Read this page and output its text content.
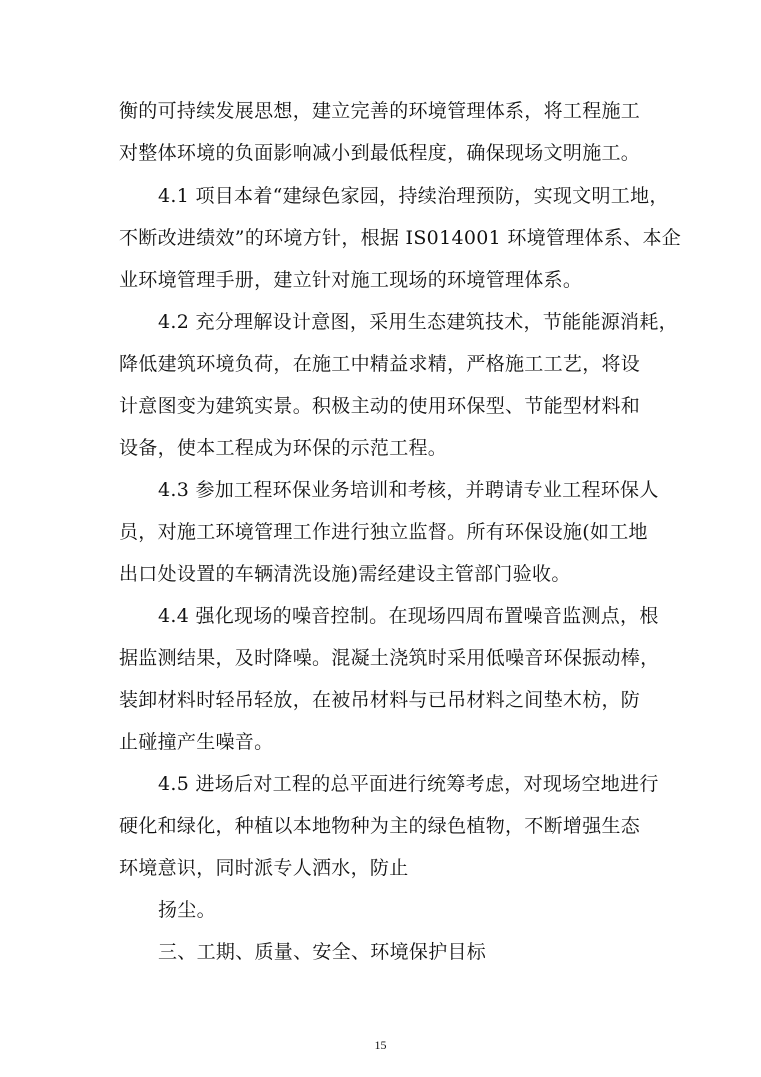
衡的可持续发展思想，建立完善的环境管理体系，将工程施工
对整体环境的负面影响减小到最低程度，确保现场文明施工。
4.1 项目本着“建绿色家园，持续治理预防，实现文明工地，
不断改进绩效”的环境方针，根据 IS014001 环境管理体系、本企
业环境管理手册，建立针对施工现场的环境管理体系。
4.2 充分理解设计意图，采用生态建筑技术，节能能源消耗，
降低建筑环境负荷，在施工中精益求精，严格施工工艺，将设
计意图变为建筑实景。积极主动的使用环保型、节能型材料和
设备，使本工程成为环保的示范工程。
4.3 参加工程环保业务培训和考核，并聘请专业工程环保人
员，对施工环境管理工作进行独立监督。所有环保设施(如工地
出口处设置的车辆清洗设施)需经建设主管部门验收。
4.4 强化现场的噪音控制。在现场四周布置噪音监测点，根
据监测结果，及时降噪。混凝土浇筑时采用低噪音环保振动棒，
装卸材料时轻吊轻放，在被吊材料与已吊材料之间垫木枋，防
止碰撞产生噪音。
4.5 进场后对工程的总平面进行统筹考虑，对现场空地进行
硬化和绿化，种植以本地物种为主的绿色植物，不断增强生态
环境意识，同时派专人洒水，防止
扬尘。
三、工期、质量、安全、环境保护目标
15
